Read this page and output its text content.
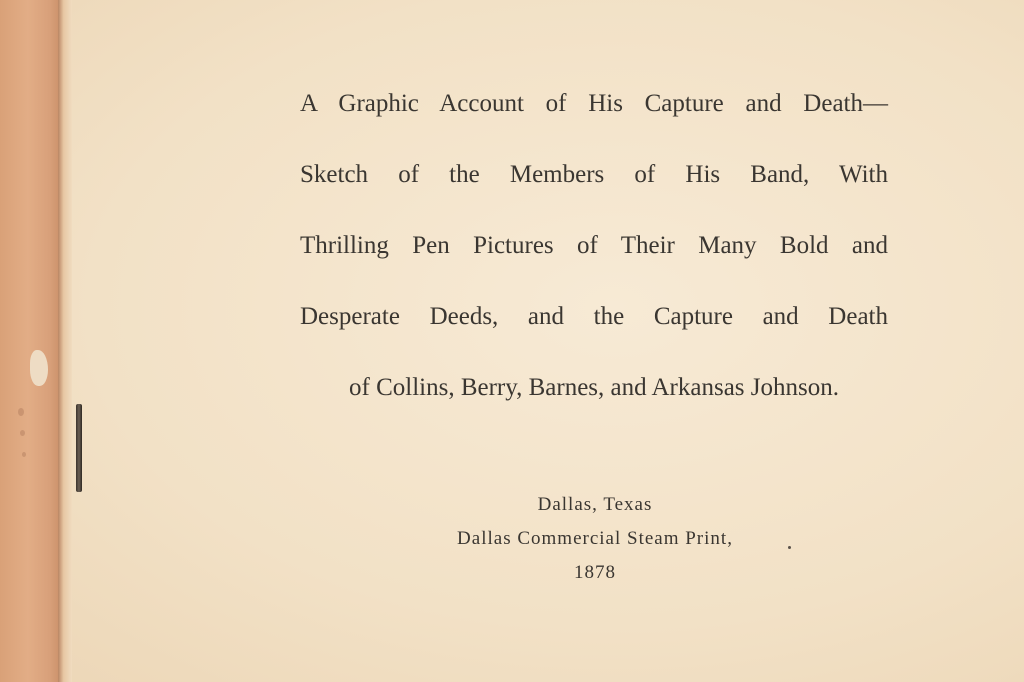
A Graphic Account of His Capture and Death—
Sketch of the Members of His Band, With
Thrilling Pen Pictures of Their Many Bold and
Desperate Deeds, and the Capture and Death
of Collins, Berry, Barnes, and Arkansas Johnson.
Dallas, Texas
Dallas Commercial Steam Print,
1878
